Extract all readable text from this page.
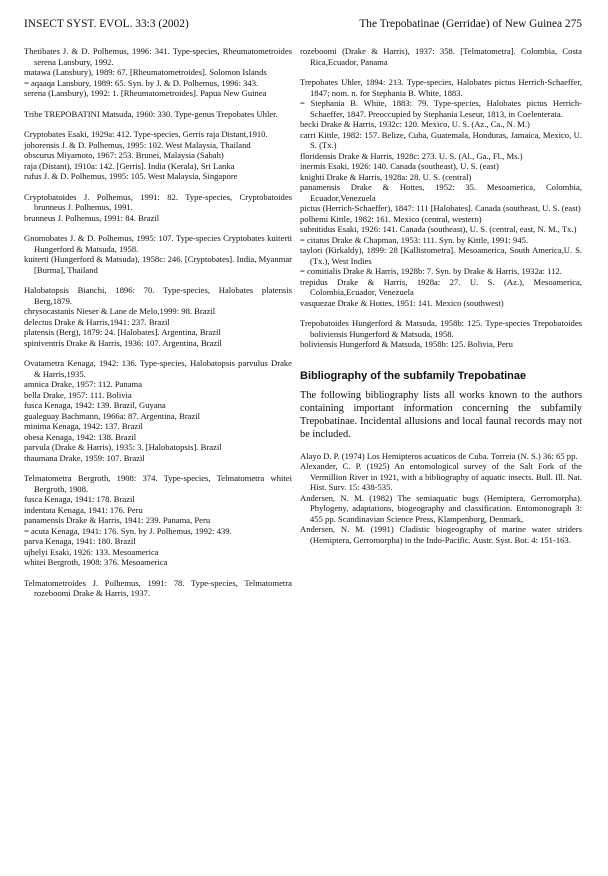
INSECT SYST. EVOL. 33:3 (2002)	The Trepobatinae (Gerridae) of New Guinea 275

Thetibates J. & D. Polhemus, 1996: 341. Type-species, Rheumatometroides serena Lansbury, 1992.

matawa (Lansbury), 1989: 67. [Rheumatometroides]. Solomon Islands

= aqaaqa Lansbury, 1989: 65. Syn. by J. & D. Polhemus, 1996: 343.

serena (Lansbury), 1992: 1. [Rheumatometroides]. Papua New Guinea

Tribe TREPOBATINI Matsuda, 1960: 330. Type-genus Trepobates Uhler.

Cryptobates Esaki, 1929a: 412. Type-species, Gerris raja Distant,1910.

johorensis J. & D. Polhemus, 1995: 102. West Malaysia, Thailand

obscurus Miyamoto, 1967: 253. Brunei, Malaysia (Sabah)

raja (Distant), 1910a: 142. [Gerris]. India (Kerala), Sri Lanka

rufus J. & D. Polhemus, 1995: 105. West Malaysia, Singapore

Cryptobatoides J. Polhemus, 1991: 82. Type-species, Cryptobatoides brunneus J. Polhemus, 1991.

brunneus J. Polhemus, 1991: 84. Brazil

Gnomobates J. & D. Polhemus, 1995: 107. Type-species Cryptobates kuiterti Hungerford & Matsuda, 1958.

kuiterti (Hungerford & Matsuda), 1958c: 246. [Cryptobates]. India, Myanmar [Burma], Thailand

Halobatopsis Bianchi, 1896: 70. Type-species, Halobates platensis Berg,1879.

chrysocastanis Nieser & Lane de Melo,1999: 98. Brazil

delectus Drake & Harris,1941: 237. Brazil

platensis (Berg), 1879: 24. [Halobates]. Argentina, Brazil

spiniventris Drake & Harris, 1936: 107. Argentina, Brazil

Ovatametra Kenaga, 1942: 136. Type-species, Halobatopsis parvulus Drake & Harris,1935.

amnica Drake, 1957: 112. Panama

bella Drake, 1957: 111. Bolivia

fusca Kenaga, 1942: 139. Brazil, Guyana

gualeguay Bachmann, 1966a: 87. Argentina, Brazil

minima Kenaga, 1942: 137. Brazil

obesa Kenaga, 1942: 138. Brazil

parvula (Drake & Harris), 1935: 3. [Halobatopsis]. Brazil

thaumana Drake, 1959: 107. Brazil

Telmatometra Bergroth, 1908: 374. Type-species, Telmatometra whitei Bergroth, 1908.

fusca Kenaga, 1941: 178. Brazil

indentata Kenaga, 1941: 176. Peru

panamensis Drake & Harris, 1941: 239. Panama, Peru

= acuta Kenaga, 1941: 176. Syn. by J. Polhemus, 1992: 439.

parva Kenaga, 1941: 180. Brazil

ujhelyi Esaki, 1926: 133. Mesoamerica

whitei Bergroth, 1908: 376. Mesoamerica

Telmatometroides J. Polhemus, 1991: 78. Type-species, Telmatometra rozeboomi Drake & Harris, 1937.

rozeboomi (Drake & Harris), 1937: 358. [Telmatometra]. Colombia, Costa Rica,Ecuador, Panama

Trepobates Uhler, 1894: 213. Type-species, Halobates pictus Herrich-Schaeffer, 1847; nom. n. for Stephania B. White, 1883.

= Stephania B. White, 1883: 79. Type-species, Halobates pictus Herrich-Schaeffer, 1847. Preoccupied by Stephania Leseur, 1813, in Coelenterata.

becki Drake & Harris, 1932c: 120. Mexico, U. S. (Az., Ca., N. M.)

carri Kittle, 1982: 157. Belize, Cuba, Guatemala, Honduras, Jamaica, Mexico, U. S. (Tx.)

floridensis Drake & Harris, 1928c: 273. U. S. (Al., Ga., Fl., Ms.)

inermis Esaki, 1926: 140. Canada (southeast), U. S. (east)

knighti Drake & Harris, 1928a: 28. U. S. (central)

panamensis Drake & Hottes, 1952: 35. Mesoamerica, Colombia, Ecuador,Venezuela

pictus (Herrich-Schaeffer), 1847: 111 [Halobates]. Canada (southeast, U. S. (east)

polhemi Kittle, 1982: 161. Mexico (central, western)

subnitidus Esaki, 1926: 141. Canada (southeast), U. S. (central, east, N. M., Tx.)

= citatus Drake & Chapman, 1953: 111. Syn. by Kittle, 1991: 945.

taylori (Kirkaldy), 1899: 28 [Kallistometra]. Mesoamerica, South America,U. S. (Tx.), West Indies

= comitialis Drake & Harris, 1928b: 7. Syn. by Drake & Harris, 1932a: 112.

trepidus Drake & Harris, 1928a: 27. U. S. (Az.), Mesoamerica, Colombia,Ecuador, Venezuela

vasquezae Drake & Hottes, 1951: 141. Mexico (southwest)

Trepobatoides Hungerford & Matsuda, 1958b: 125. Type-species Trepobatoides boliviensis Hungerford & Matsuda, 1958.

boliviensis Hungerford & Matsuda, 1958b: 125. Bolivia, Peru

Bibliography of the subfamily Trepobatinae

The following bibliography lists all works known to the authors containing important information concerning the subfamily Trepobatinae. Incidental allusions and local faunal records may not be included.

Alayo D. P. (1974) Los Hemipteros acuaticos de Cuba. Torreia (N. S.) 36: 65 pp.

Alexander, C. P. (1925) An entomological survey of the Salt Fork of the Vermillion River in 1921, with a bibliography of aquatic insects. Bull. Ill. Nat. Hist. Surv. 15: 438-535.

Andersen, N. M. (1982) The semiaquatic bugs (Hemiptera, Gerromorpha). Phylogeny, adaptations, biogeography and classification. Entomonograph 3: 455 pp. Scandinavian Science Press, Klampenborg, Denmark,

Andersen, N. M. (1991) Cladistic biogeography of marine water striders (Hemiptera, Gerromorpha) in the Indo-Pacific. Austr. Syst. Bot. 4: 151-163.
